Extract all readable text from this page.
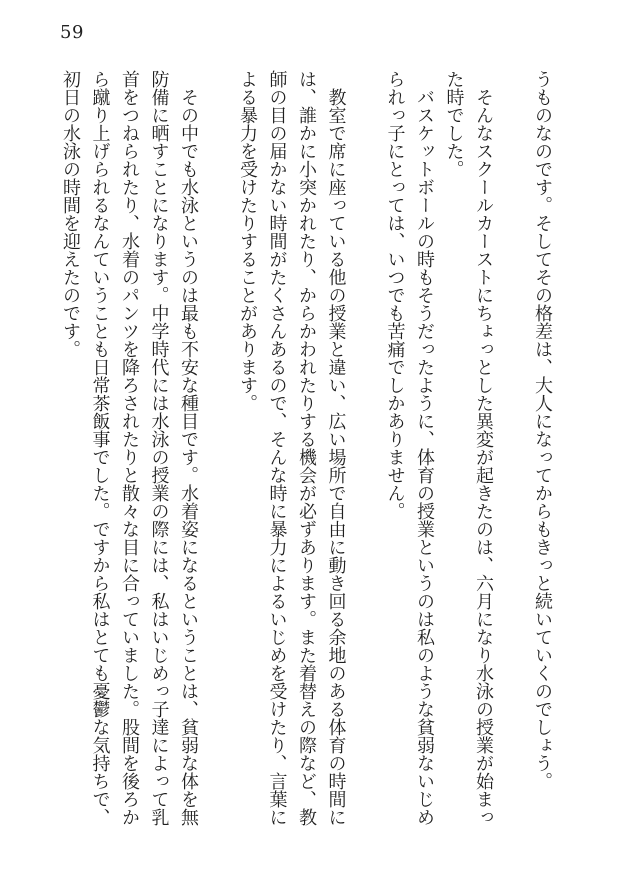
59

うものなのです。そしてその格差は、大人になってからもきっと続いていくのでしょう。

そんなスクールカーストにちょっとした異変が起きたのは、六月になり水泳の授業が始まった時でした。

バスケットボールの時もそうだったように、体育の授業というのは私のような貧弱ないじめられっ子にとっては、いつでも苦痛でしかありません。

教室で席に座っている他の授業と違い、広い場所で自由に動き回る余地のある体育の時間には、誰かに小突かれたり、からかわれたりする機会が必ずあります。また着替えの際など、教師の目の届かない時間がたくさんあるので、そんな時に暴力によるいじめを受けたり、言葉による暴力を受けたりすることがあります。

その中でも水泳というのは最も不安な種目です。水着姿になるということは、貧弱な体を無防備に晒すことになります。中学時代には水泳の授業の際には、私はいじめっ子達によって乳首をつねられたり、水着のパンツを降ろされたりと散々な目に合っていました。股間を後ろから蹴り上げられるなんていうことも日常茶飯事でした。ですから私はとても憂鬱な気持ちで、初日の水泳の時間を迎えたのです。
